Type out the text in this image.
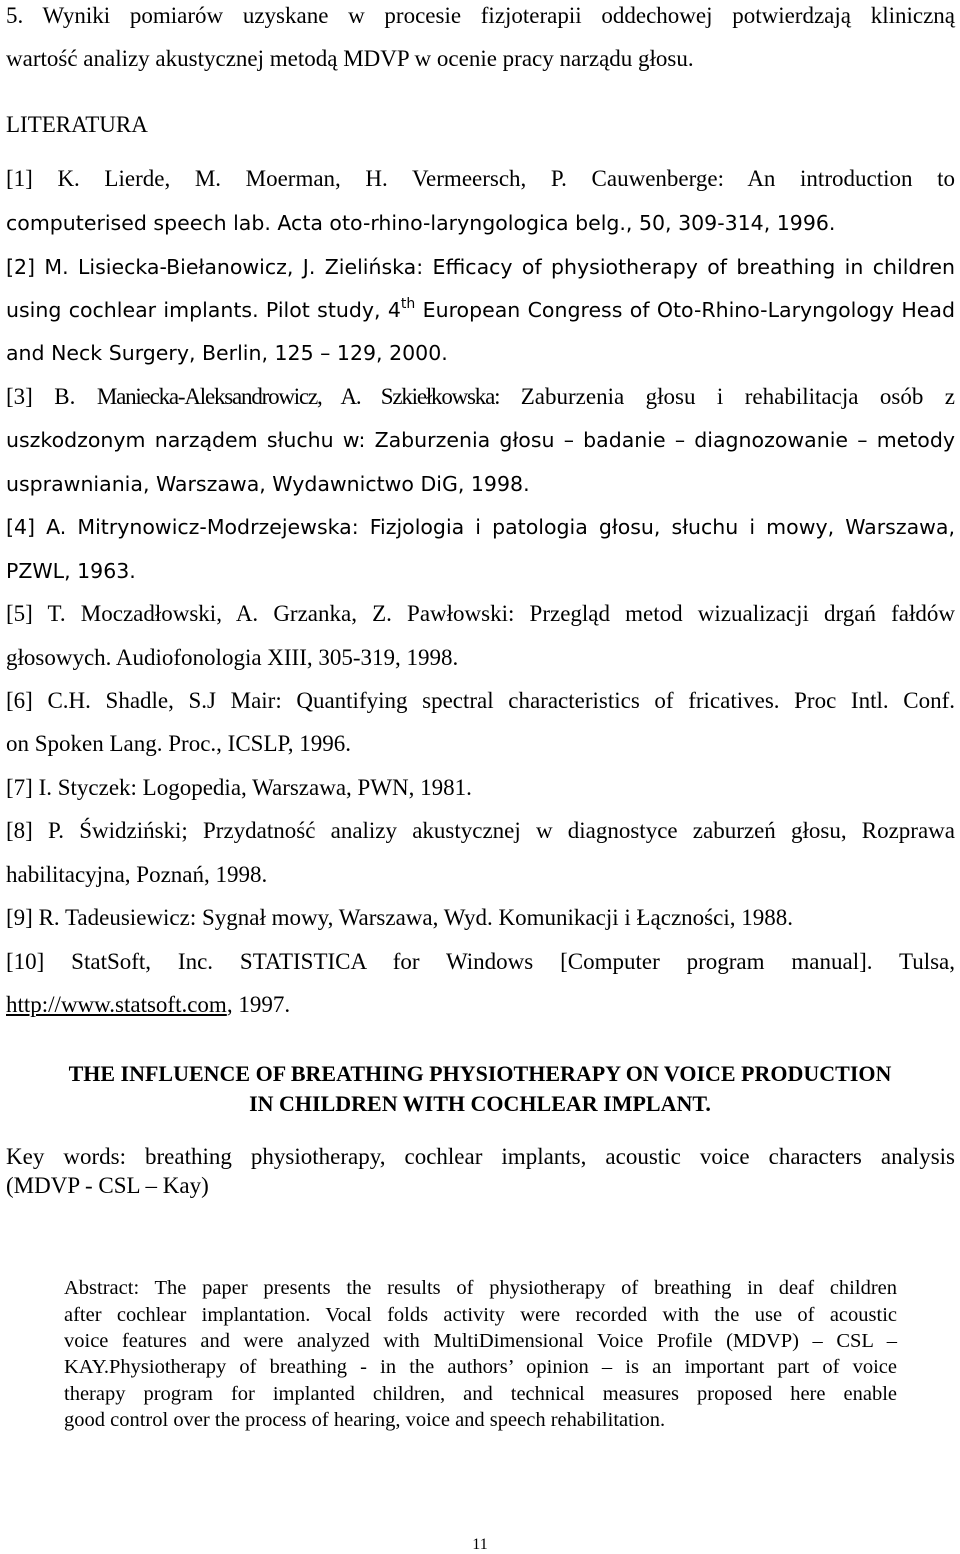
5. Wyniki pomiarów uzyskane w procesie fizjoterapii oddechowej potwierdzają kliniczną
wartość analizy akustycznej metodą MDVP w ocenie pracy narządu głosu.
LITERATURA
[1] K. Lierde, M. Moerman, H. Vermeersch, P. Cauwenberge: An introduction to
computerised speech lab. Acta oto-rhino-laryngologica belg., 50, 309-314, 1996.
[2] M. Lisiecka-Biełanowicz, J. Zielińska: Efficacy of physiotherapy of breathing in children
using cochlear implants. Pilot study, 4th European Congress of Oto-Rhino-Laryngology Head
and Neck Surgery, Berlin, 125 – 129, 2000.
[3] B. Maniecka-Aleksandrowicz, A. Szkiełkowska: Zaburzenia głosu i rehabilitacja osób z
uszkodzonym narządem słuchu w: Zaburzenia głosu – badanie – diagnozowanie – metody
usprawniania, Warszawa, Wydawnictwo DiG, 1998.
[4] A. Mitrynowicz-Modrzejewska: Fizjologia i patologia głosu, słuchu i mowy, Warszawa,
PZWL, 1963.
[5] T. Moczadłowski, A. Grzanka, Z. Pawłowski: Przegląd metod wizualizacji drgań fałdów
głosowych. Audiofonologia XIII, 305-319, 1998.
[6] C.H. Shadle, S.J Mair: Quantifying spectral characteristics of fricatives. Proc Intl. Conf.
on Spoken Lang. Proc., ICSLP, 1996.
[7] I. Styczek: Logopedia, Warszawa, PWN, 1981.
[8] P. Świdziński; Przydatność analizy akustycznej w diagnostyce zaburzeń głosu, Rozprawa
habilitacyjna, Poznań, 1998.
[9] R. Tadeusiewicz: Sygnał mowy, Warszawa, Wyd. Komunikacji i Łączności, 1988.
[10] StatSoft, Inc. STATISTICA for Windows [Computer program manual]. Tulsa,
http://www.statsoft.com, 1997.
THE INFLUENCE OF BREATHING PHYSIOTHERAPY ON VOICE PRODUCTION
IN CHILDREN WITH COCHLEAR IMPLANT.
Key words: breathing physiotherapy, cochlear implants, acoustic voice characters analysis
(MDVP - CSL – Kay)
Abstract: The paper presents the results of physiotherapy of breathing in deaf children
after cochlear implantation. Vocal folds activity were recorded with the use of acoustic
voice features and were analyzed with MultiDimensional Voice Profile (MDVP) – CSL –
KAY.Physiotherapy of breathing - in the authors’ opinion – is an important part of voice
therapy program for implanted children, and technical measures proposed here enable
good control over the process of hearing, voice and speech rehabilitation.
11
